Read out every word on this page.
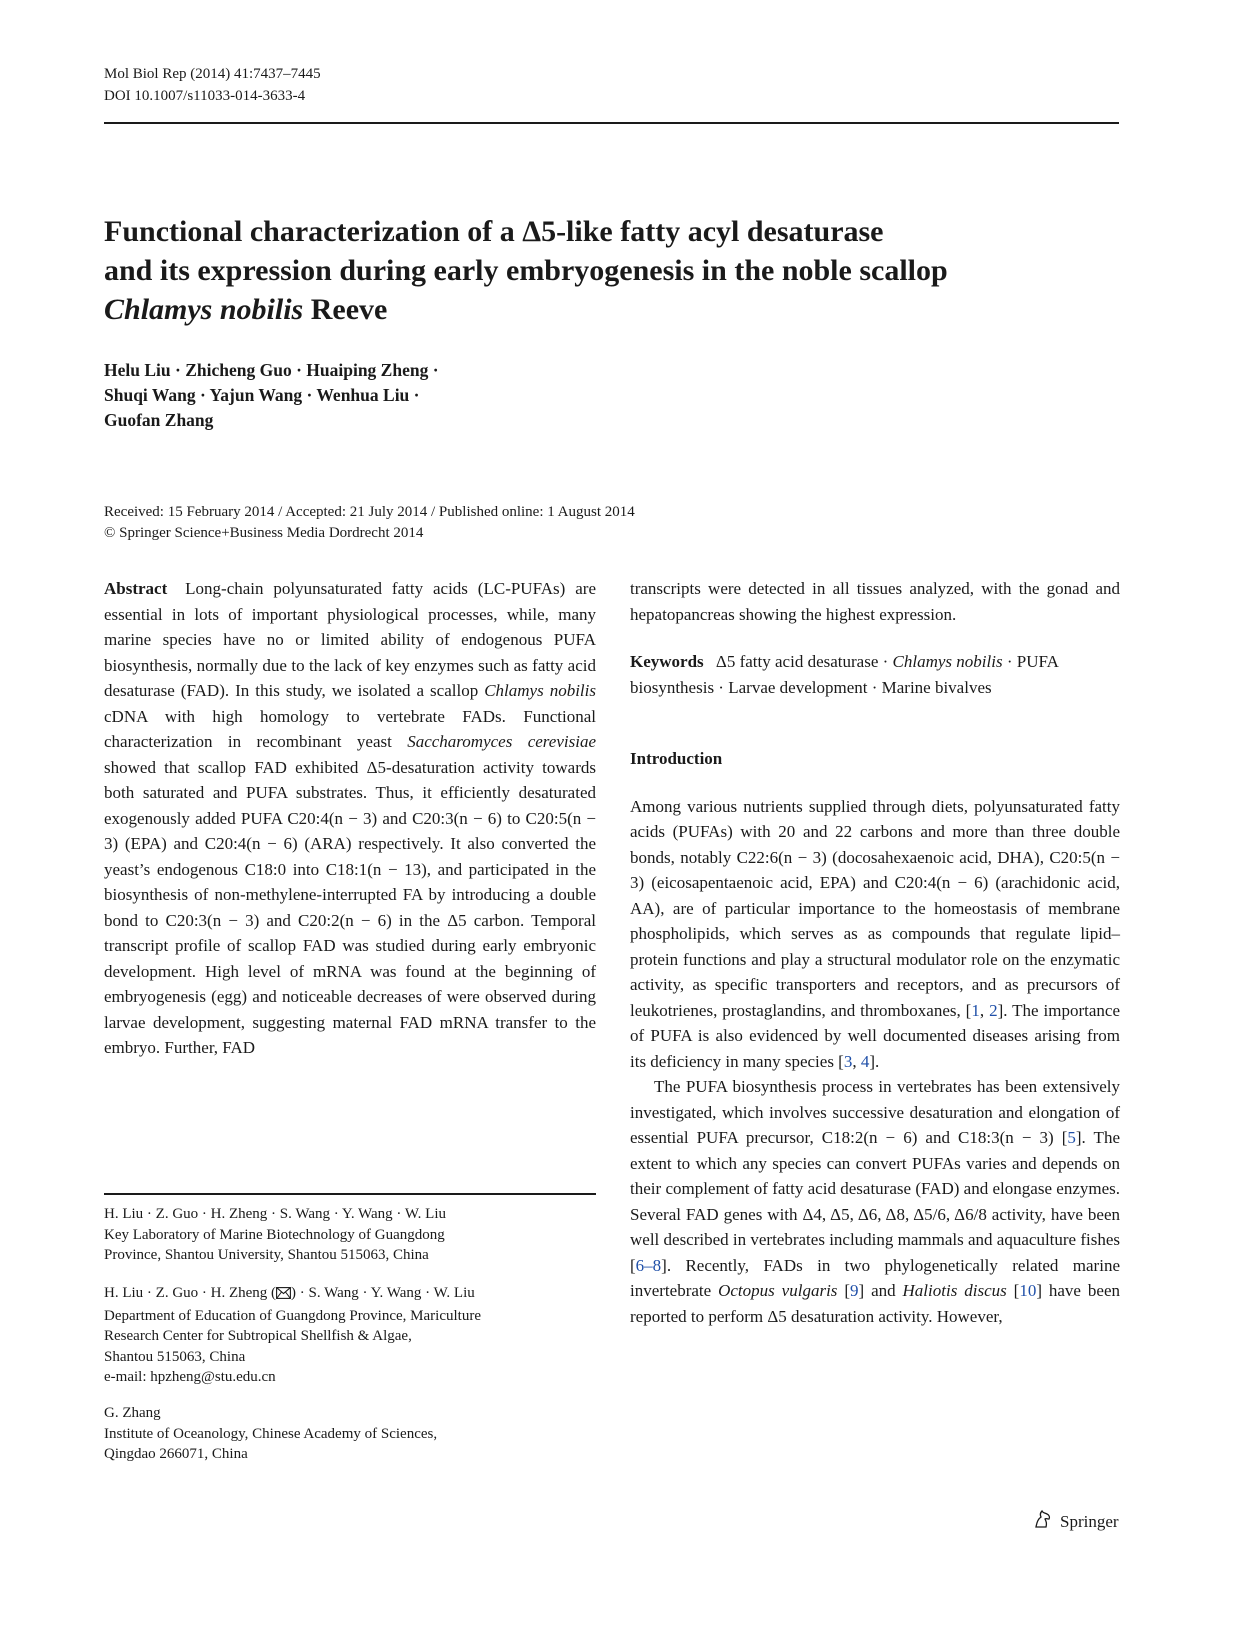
Mol Biol Rep (2014) 41:7437–7445
DOI 10.1007/s11033-014-3633-4
Functional characterization of a Δ5-like fatty acyl desaturase
and its expression during early embryogenesis in the noble scallop
Chlamys nobilis Reeve
Helu Liu · Zhicheng Guo · Huaiping Zheng ·
Shuqi Wang · Yajun Wang · Wenhua Liu ·
Guofan Zhang
Received: 15 February 2014 / Accepted: 21 July 2014 / Published online: 1 August 2014
© Springer Science+Business Media Dordrecht 2014

Abstract Long-chain polyunsaturated fatty acids (LC-PUFAs) are essential in lots of important physiological processes, while, many marine species have no or limited ability of endogenous PUFA biosynthesis, normally due to the lack of key enzymes such as fatty acid desaturase (FAD). In this study, we isolated a scallop Chlamys nobilis cDNA with high homology to vertebrate FADs. Functional characterization in recombinant yeast Saccharomyces cerevisiae showed that scallop FAD exhibited Δ5-desaturation activity towards both saturated and PUFA substrates. Thus, it efficiently desaturated exogenously added PUFA C20:4(n − 3) and C20:3(n − 6) to C20:5(n − 3) (EPA) and C20:4(n − 6) (ARA) respectively. It also converted the yeast’s endogenous C18:0 into C18:1(n − 13), and participated in the biosynthesis of non-methylene-interrupted FA by introducing a double bond to C20:3(n − 3) and C20:2(n − 6) in the Δ5 carbon. Temporal transcript profile of scallop FAD was studied during early embryonic development. High level of mRNA was found at the beginning of embryogenesis (egg) and noticeable decreases of were observed during larvae development, suggesting maternal FAD mRNA transfer to the embryo. Further, FAD

H. Liu · Z. Guo · H. Zheng · S. Wang · Y. Wang · W. Liu
Key Laboratory of Marine Biotechnology of Guangdong
Province, Shantou University, Shantou 515063, China
H. Liu · Z. Guo · H. Zheng ( ) · S. Wang · Y. Wang · W. Liu
Department of Education of Guangdong Province, Mariculture
Research Center for Subtropical Shellfish & Algae,
Shantou 515063, China
e-mail: hpzheng@stu.edu.cn
G. Zhang
Institute of Oceanology, Chinese Academy of Sciences,
Qingdao 266071, China

transcripts were detected in all tissues analyzed, with the gonad and hepatopancreas showing the highest expression.

Keywords Δ5 fatty acid desaturase · Chlamys nobilis · PUFA biosynthesis · Larvae development · Marine bivalves

Introduction

Among various nutrients supplied through diets, polyunsaturated fatty acids (PUFAs) with 20 and 22 carbons and more than three double bonds, notably C22:6(n − 3) (docosahexaenoic acid, DHA), C20:5(n − 3) (eicosapentaenoic acid, EPA) and C20:4(n − 6) (arachidonic acid, AA), are of particular importance to the homeostasis of membrane phospholipids, which serves as as compounds that regulate lipid–protein functions and play a structural modulator role on the enzymatic activity, as specific transporters and receptors, and as precursors of leukotrienes, prostaglandins, and thromboxanes, [1, 2]. The importance of PUFA is also evidenced by well documented diseases arising from its deficiency in many species [3, 4].

The PUFA biosynthesis process in vertebrates has been extensively investigated, which involves successive desaturation and elongation of essential PUFA precursor, C18:2(n − 6) and C18:3(n − 3) [5]. The extent to which any species can convert PUFAs varies and depends on their complement of fatty acid desaturase (FAD) and elongase enzymes. Several FAD genes with Δ4, Δ5, Δ6, Δ8, Δ5/6, Δ6/8 activity, have been well described in vertebrates including mammals and aquaculture fishes [6–8]. Recently, FADs in two phylogenetically related marine invertebrate Octopus vulgaris [9] and Haliotis discus [10] have been reported to perform Δ5 desaturation activity. However,

Springer
